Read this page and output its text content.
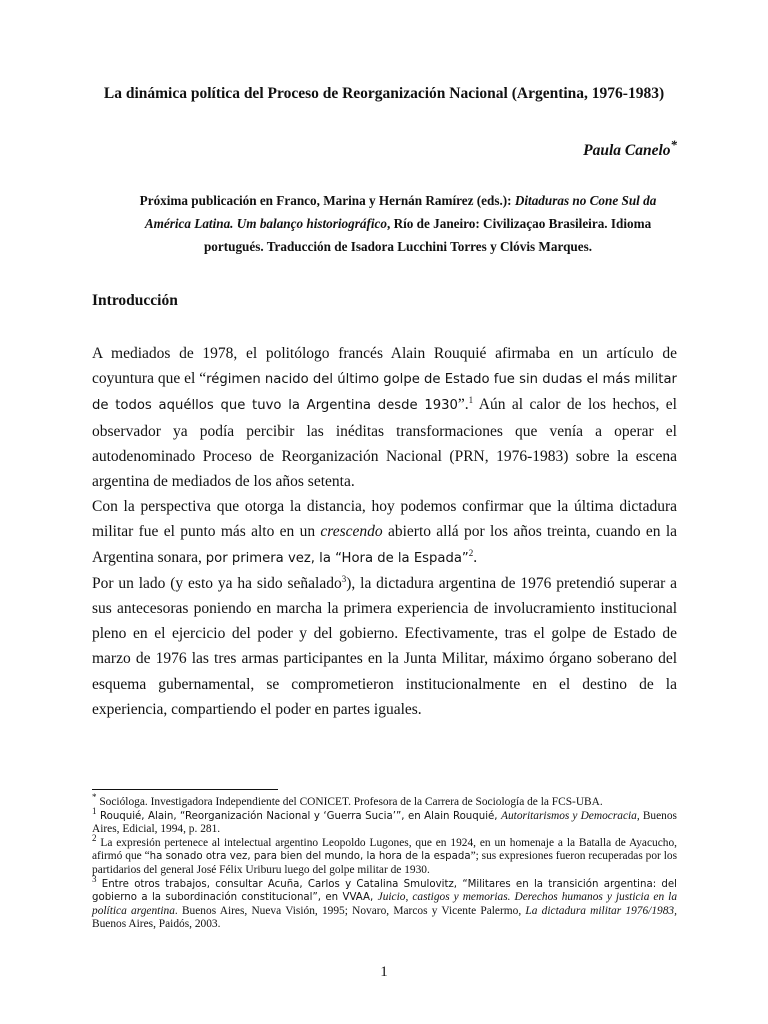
La dinámica política del Proceso de Reorganización Nacional (Argentina, 1976-1983)
Paula Canelo*
Próxima publicación en Franco, Marina y Hernán Ramírez (eds.): Ditaduras no Cone Sul da América Latina. Um balanço historiográfico, Río de Janeiro: Civilizaçao Brasileira. Idioma portugués. Traducción de Isadora Lucchini Torres y Clóvis Marques.
Introducción

A mediados de 1978, el politólogo francés Alain Rouquié afirmaba en un artículo de coyuntura que el “régimen nacido del último golpe de Estado fue sin dudas el más militar de todos aquéllos que tuvo la Argentina desde 1930”.$^1$ Aún al calor de los hechos, el observador ya podía percibir las inéditas transformaciones que venía a operar el autodenominado Proceso de Reorganización Nacional (PRN, 1976-1983) sobre la escena argentina de mediados de los años setenta.

Con la perspectiva que otorga la distancia, hoy podemos confirmar que la última dictadura militar fue el punto más alto en un crescendo abierto allá por los años treinta, cuando en la Argentina sonara, por primera vez, la “Hora de la Espada”$^2$.

Por un lado (y esto ya ha sido señalado$^3$), la dictadura argentina de 1976 pretendió superar a sus antecesoras poniendo en marcha la primera experiencia de involucramiento institucional pleno en el ejercicio del poder y del gobierno. Efectivamente, tras el golpe de Estado de marzo de 1976 las tres armas participantes en la Junta Militar, máximo órgano soberano del esquema gubernamental, se comprometieron institucionalmente en el destino de la experiencia, compartiendo el poder en partes iguales.

* Socióloga. Investigadora Independiente del CONICET. Profesora de la Carrera de Sociología de la FCS-UBA.

$^1$ Rouquié, Alain, “Reorganización Nacional y ‘Guerra Sucia’”, en Alain Rouquié, Autoritarismos y Democracia, Buenos Aires, Edicial, 1994, p. 281.

$^2$ La expresión pertenece al intelectual argentino Leopoldo Lugones, que en 1924, en un homenaje a la Batalla de Ayacucho, afirmó que “ha sonado otra vez, para bien del mundo, la hora de la espada”; sus expresiones fueron recuperadas por los partidarios del general José Félix Uriburu luego del golpe militar de 1930.

$^3$ Entre otros trabajos, consultar Acuña, Carlos y Catalina Smulovitz, “Militares en la transición argentina: del gobierno a la subordinación constitucional”, en VVAA, Juicio, castigos y memorias. Derechos humanos y justicia en la política argentina. Buenos Aires, Nueva Visión, 1995; Novaro, Marcos y Vicente Palermo, La dictadura militar 1976/1983, Buenos Aires, Paidós, 2003.

1
